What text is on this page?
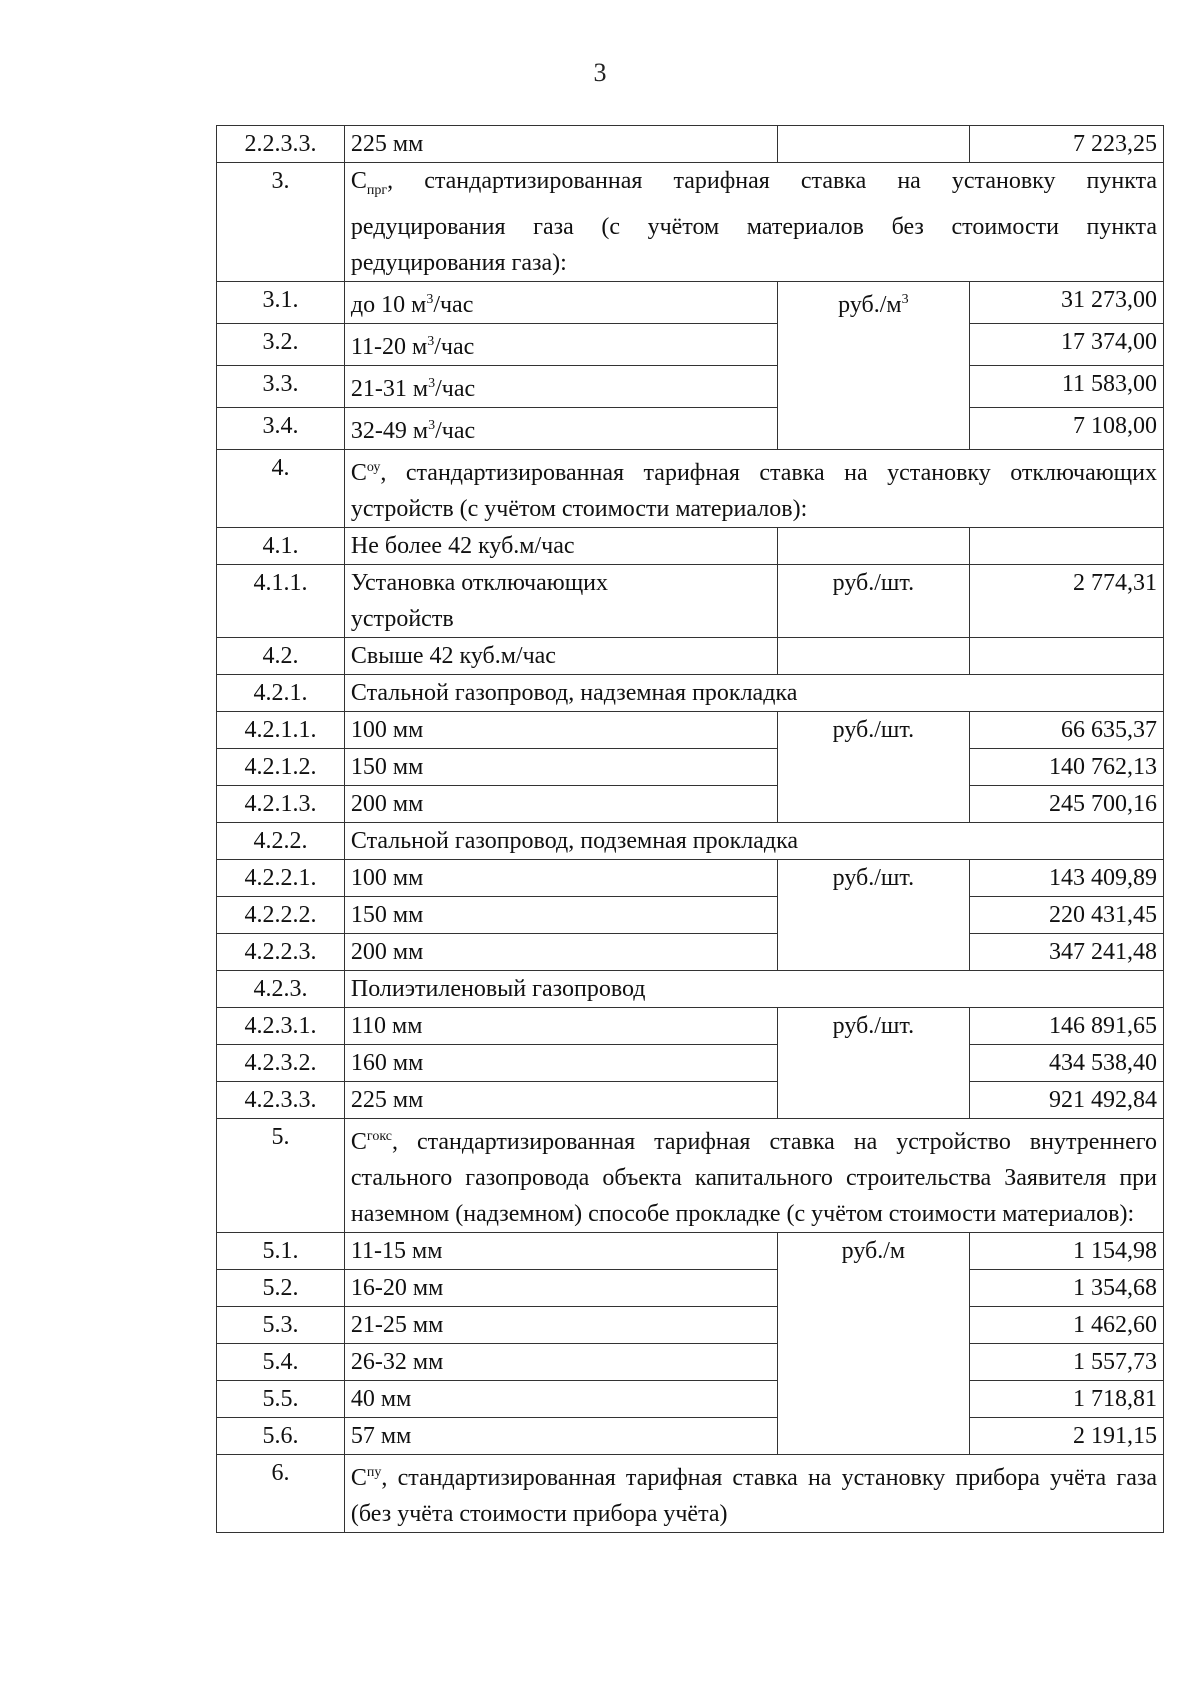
3
2.2.3.3.	225 мм		7 223,25
3.	$С_{прг}$, стандартизированная тарифная ставка на установку пункта редуцирования газа (с учётом материалов без стоимости пункта редуцирования газа):		
3.1.	до 10 $м^3$/час	$руб./м^3$	31 273,00
3.2.	11-20 $м^3$/час		17 374,00
3.3.	21-31 $м^3$/час		11 583,00
3.4.	32-49 $м^3$/час		7 108,00
4.	$С^{оу}$, стандартизированная тарифная ставка на установку отключающих устройств (с учётом стоимости материалов):		
4.1.	Не более 42 куб.м/час		
4.1.1.	Установка отключающих устройств	руб./шт.	2 774,31
4.2.	Свыше 42 куб.м/час		
4.2.1.	Стальной газопровод, надземная прокладка		
4.2.1.1.	100 мм	руб./шт.	66 635,37
4.2.1.2.	150 мм		140 762,13
4.2.1.3.	200 мм		245 700,16
4.2.2.	Стальной газопровод, подземная прокладка		
4.2.2.1.	100 мм	руб./шт.	143 409,89
4.2.2.2.	150 мм		220 431,45
4.2.2.3.	200 мм		347 241,48
4.2.3.	Полиэтиленовый газопровод		
4.2.3.1.	110 мм	руб./шт.	146 891,65
4.2.3.2.	160 мм		434 538,40
4.2.3.3.	225 мм		921 492,84
5.	$С^{гокс}$, стандартизированная тарифная ставка на устройство внутреннего стального газопровода объекта капитального строительства Заявителя при наземном (надземном) способе прокладке (с учётом стоимости материалов):		
5.1.	11-15 мм	руб./м	1 154,98
5.2.	16-20 мм		1 354,68
5.3.	21-25 мм		1 462,60
5.4.	26-32 мм		1 557,73
5.5.	40 мм		1 718,81
5.6.	57 мм		2 191,15
6.	$С^{пу}$, стандартизированная тарифная ставка на установку прибора учёта газа (без учёта стоимости прибора учёта)		
